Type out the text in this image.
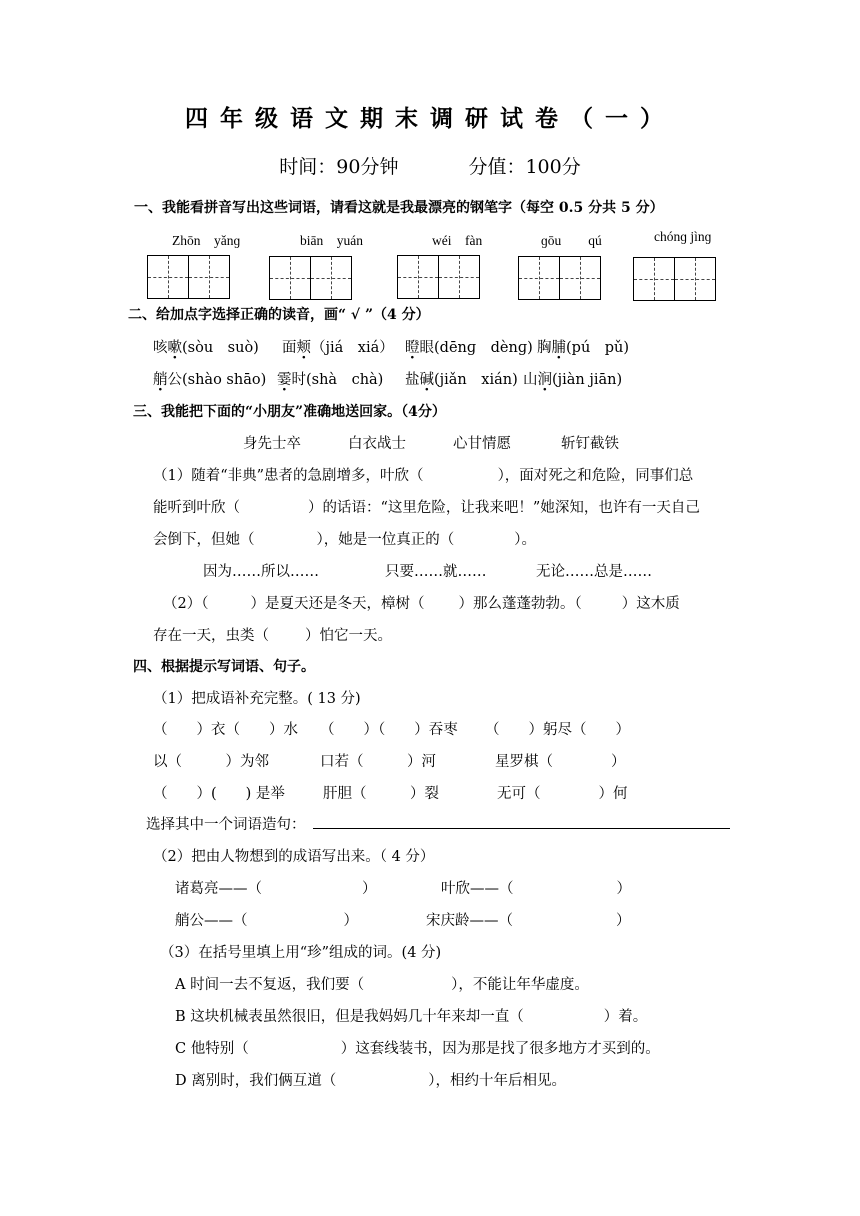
四年级语文期末调研试卷（一）
时间：90分钟	分值：100分
一、我能看拼音写出这些词语，请看这就是我最漂亮的钢笔字（每空 0.5 分共 5 分）
Zhōn　yǎnɡ	biān　yuán	wéi　fàn	ɡōu　　qú	chónɡ jìnɡ
二、给加点字选择正确的读音，画“ √ ”（4 分）
咳嗽(sòu　suò) 面颊（jiá　xiá） 瞪眼(dēnɡ　dènɡ) 胸脯(pú　pǔ)
艄公(shào shāo) 霎时(shà　chà) 盐碱(jiǎn　xián) 山涧(jiàn jiān)
三、我能把下面的“小朋友”准确地送回家。（4分）
身先士卒	白衣战士	心甘情愿	斩钉截铁
（1）随着“非典”患者的急剧增多，叶欣（	），面对死之和危险，同事们总
能听到叶欣（	）的话语：“这里危险，让我来吧！”她深知，也许有一天自己
会倒下，但她（	），她是一位真正的（	）。
因为……所以……	只要……就……	无论……总是……
（2）（	）是夏天还是冬天，樟树（ ）那么蓬蓬勃勃。（	）这木质
存在一天，虫类（ ）怕它一天。
四、根据提示写词语、句子。
（1）把成语补充完整。( 13 分)
（　　）衣（　　）水 （　　）（　　）吞枣 （　　）躬尽（　　）
以（　　　）为邻	口若（　　　）河	星罗棋（　　　　）
（　　）(　　) 是举	肝胆（　　　）裂	无可（　　　　）何
选择其中一个词语造句：
（2）把由人物想到的成语写出来。（ 4 分）
诸葛亮——（	）	叶欣——（	）
艄公——（	）	宋庆龄——（	）
（3）在括号里填上用“珍”组成的词。(4 分)
A 时间一去不复返，我们要（	），不能让年华虚度。
B 这块机械表虽然很旧，但是我妈妈几十年来却一直（	）着。
C 他特别（	）这套线装书，因为那是找了很多地方才买到的。
D 离别时，我们俩互道（	），相约十年后相见。
